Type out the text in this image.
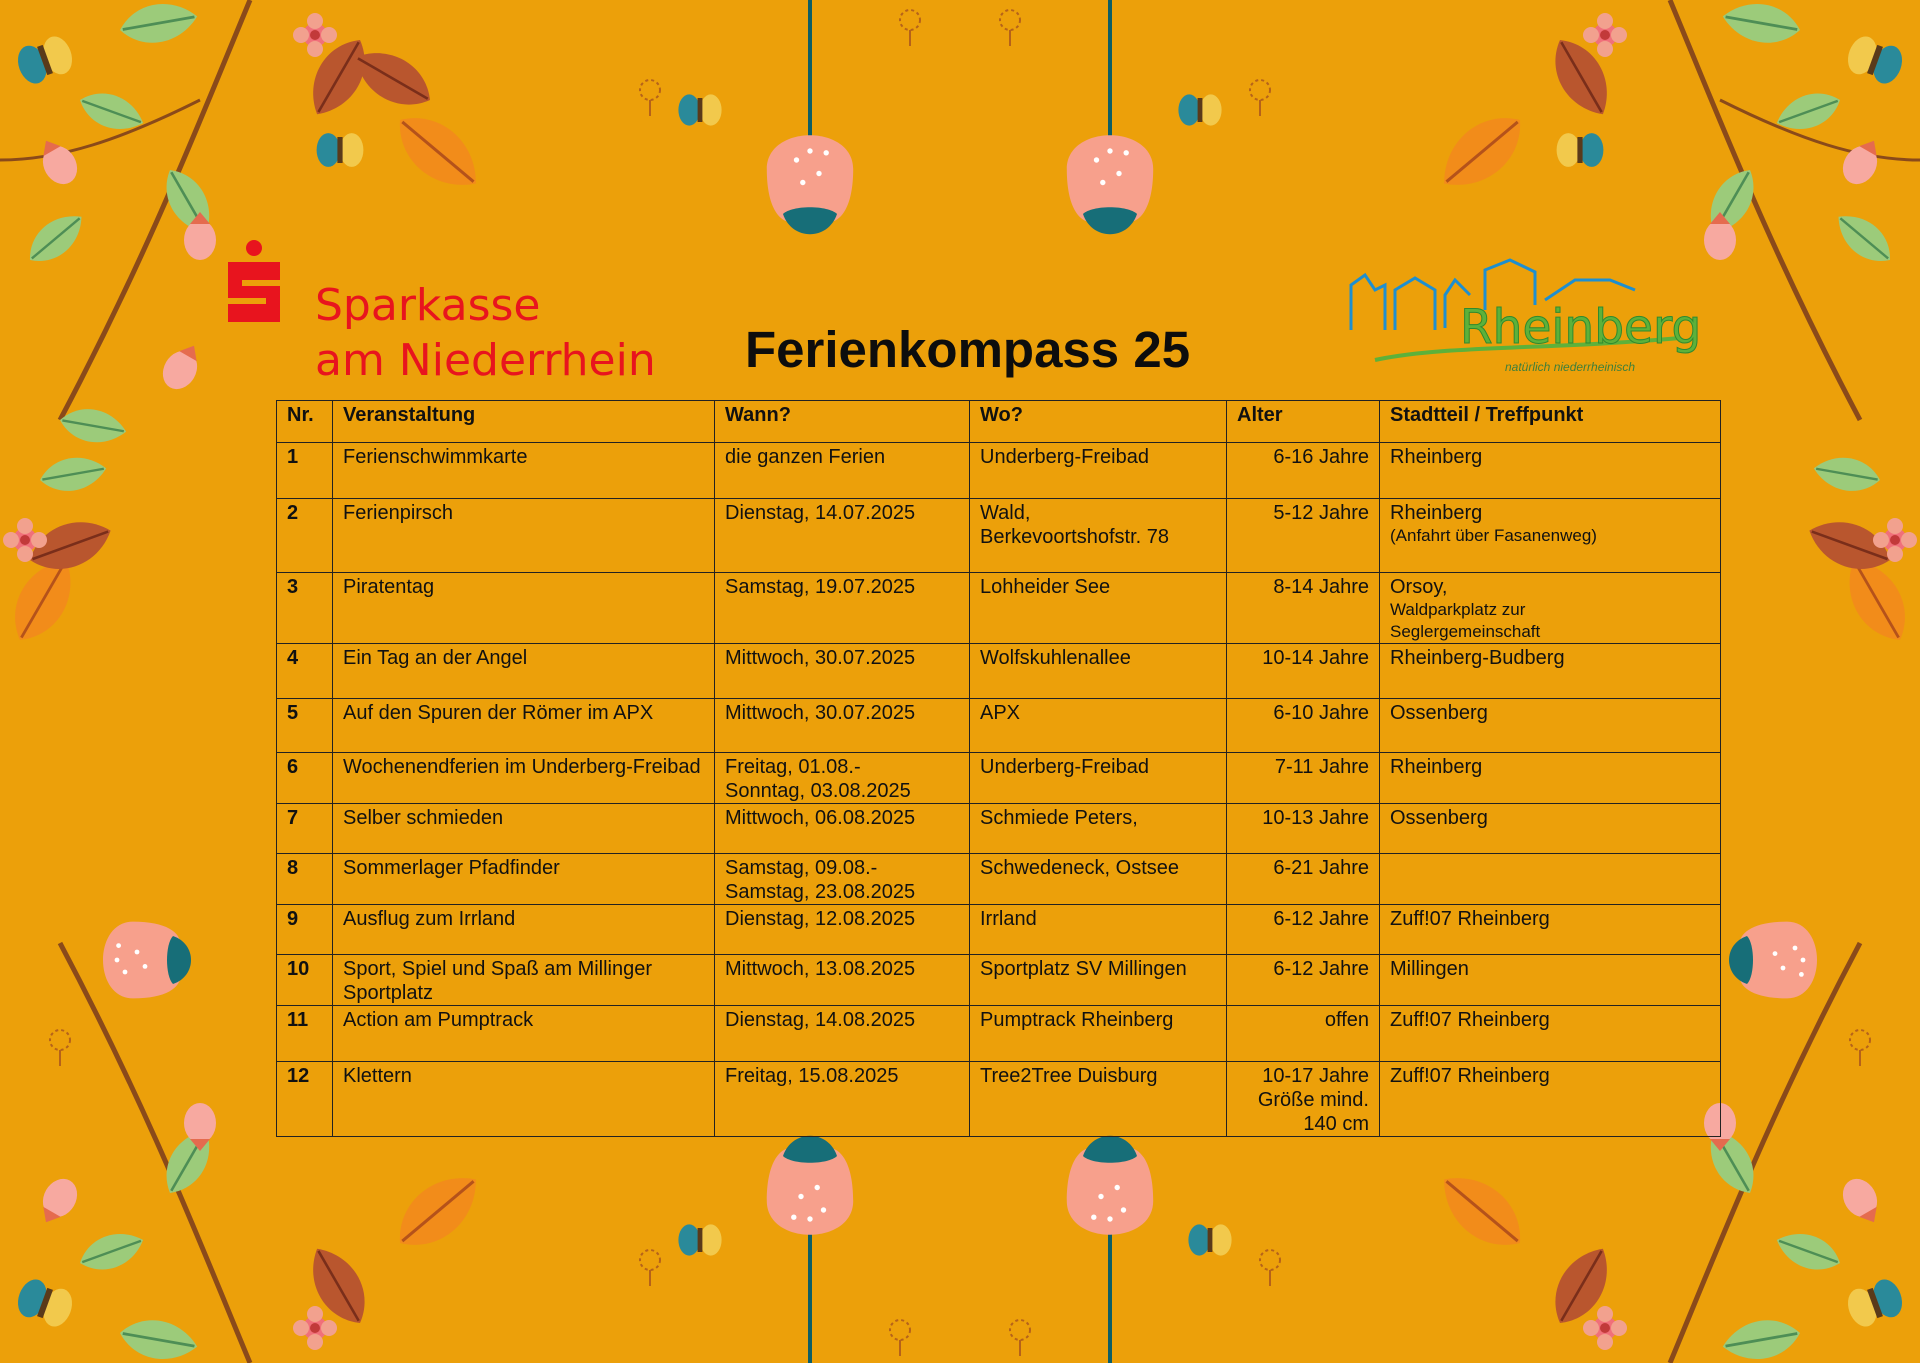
Sparkasse
am Niederrhein Ferienkompass 25	Rheinberg
natürlich niederrheinisch
Nr.	Veranstaltung	Wann?	Wo?	Alter	Stadtteil / Treffpunkt
1	Ferienschwimmkarte	die ganzen Ferien	Underberg-Freibad	6-16 Jahre	Rheinberg

2	Ferienpirsch	Dienstag, 14.07.2025	Wald,
Berkevoortshofstr. 78	5-12 Jahre	Rheinberg
(Anfahrt über Fasanenweg)

3	Piratentag	Samstag, 19.07.2025	Lohheider See	8-14 Jahre	Orsoy,
Waldparkplatz zur
Seglergemeinschaft

4	Ein Tag an der Angel	Mittwoch, 30.07.2025	Wolfskuhlenallee	10-14 Jahre	Rheinberg-Budberg

5	Auf den Spuren der Römer im APX	Mittwoch, 30.07.2025	APX	6-10 Jahre	Ossenberg

6	Wochenendferien im Underberg-Freibad	Freitag, 01.08.-
Sonntag, 03.08.2025	Underberg-Freibad	7-11 Jahre	Rheinberg

7	Selber schmieden	Mittwoch, 06.08.2025	Schmiede Peters,	10-13 Jahre	Ossenberg

8	Sommerlager Pfadfinder	Samstag, 09.08.-
Samstag, 23.08.2025	Schwedeneck, Ostsee	6-21 Jahre	

9	Ausflug zum Irrland	Dienstag, 12.08.2025	Irrland	6-12 Jahre	Zuff!07 Rheinberg

10	Sport, Spiel und Spaß am Millinger Sportplatz	Mittwoch, 13.08.2025	Sportplatz SV Millingen	6-12 Jahre	Millingen

11	Action am Pumptrack	Dienstag, 14.08.2025	Pumptrack Rheinberg	offen	Zuff!07 Rheinberg

12	Klettern	Freitag, 15.08.2025	Tree2Tree Duisburg	10-17 Jahre
Größe mind.
140 cm	Zuff!07 Rheinberg
